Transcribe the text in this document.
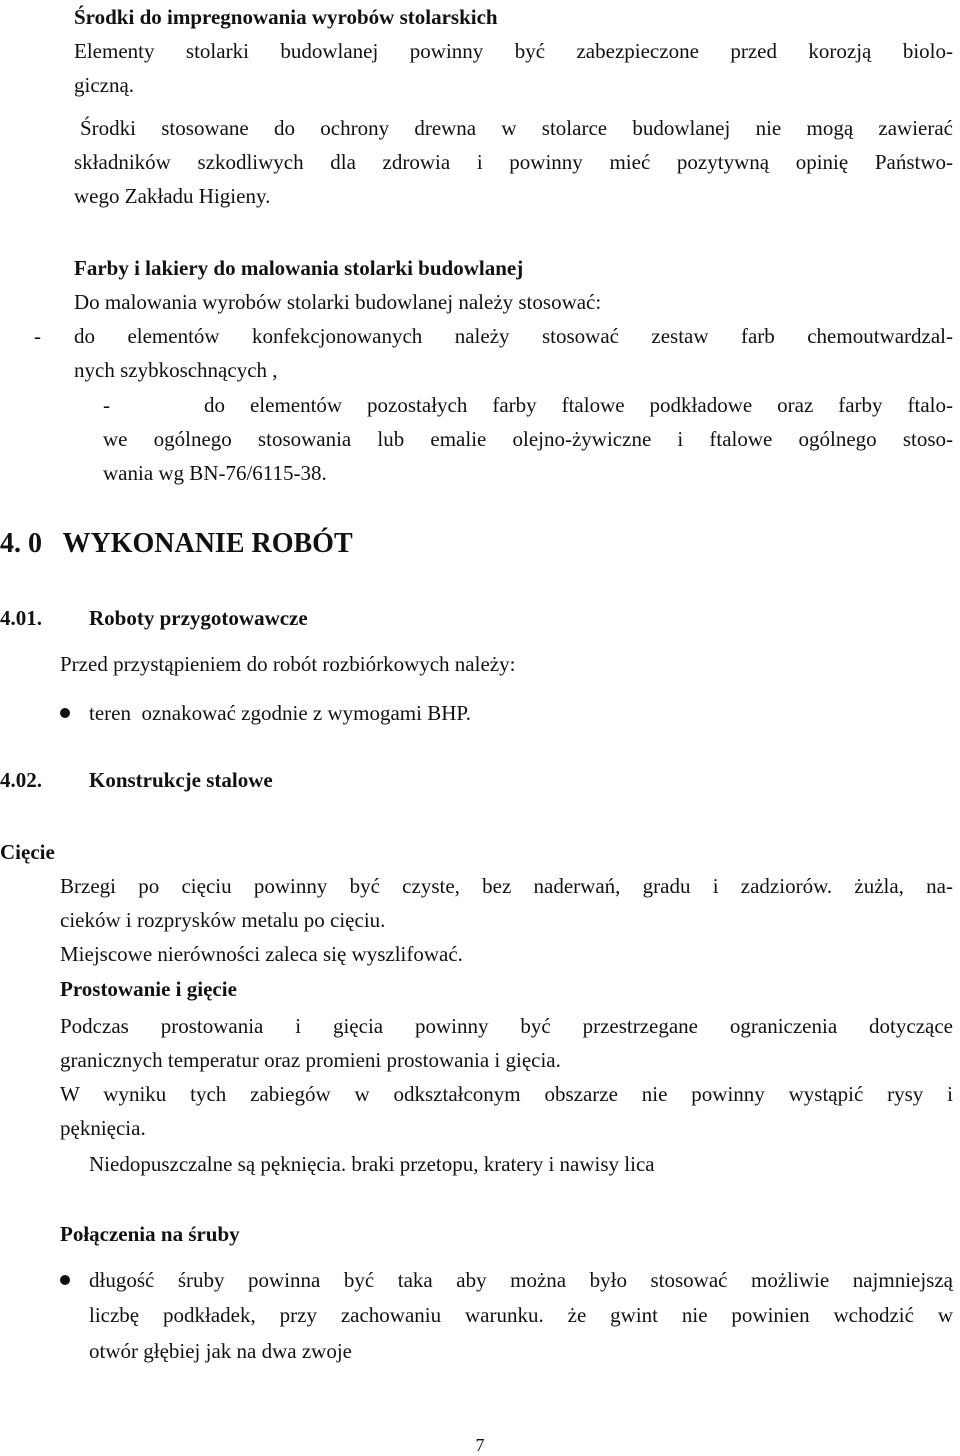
Środki do impregnowania wyrobów stolarskich
Elementy stolarki budowlanej powinny być zabezpieczone przed korozją biolo-
giczną.
Środki stosowane do ochrony drewna w stolarce budowlanej nie mogą zawierać
składników szkodliwych dla zdrowia i powinny mieć pozytywną opinię Państwo-
wego Zakładu Higieny.
Farby i lakiery do malowania stolarki budowlanej
Do malowania wyrobów stolarki budowlanej należy stosować:
- do elementów konfekcjonowanych należy stosować zestaw farb chemoutwardzal-
nych szybkoschnących ,
-	do elementów pozostałych farby ftalowe podkładowe oraz farby ftalo-
we ogólnego stosowania lub emalie olejno-żywiczne i ftalowe ogólnego stoso-
wania wg BN-76/6115-38.
4. 0   WYKONANIE ROBÓT
4.01. Roboty przygotowawcze
Przed przystąpieniem do robót rozbiórkowych należy:
teren  oznakować zgodnie z wymogami BHP.
4.02. Konstrukcje stalowe
Cięcie
Brzegi po cięciu powinny być czyste, bez naderwań, gradu i zadziorów. żużla, na-
cieków i rozprysków metalu po cięciu.
Miejscowe nierówności zaleca się wyszlifować.
Prostowanie i gięcie
Podczas prostowania i gięcia powinny być przestrzegane ograniczenia dotyczące
granicznych temperatur oraz promieni prostowania i gięcia.
W wyniku tych zabiegów w odkształconym obszarze nie powinny wystąpić rysy i
pęknięcia.
Niedopuszczalne są pęknięcia. braki przetopu, kratery i nawisy lica
Połączenia na śruby
długość śruby powinna być taka aby można było stosować możliwie najmniejszą
liczbę podkładek, przy zachowaniu warunku. że gwint nie powinien wchodzić w
otwór głębiej jak na dwa zwoje
7
